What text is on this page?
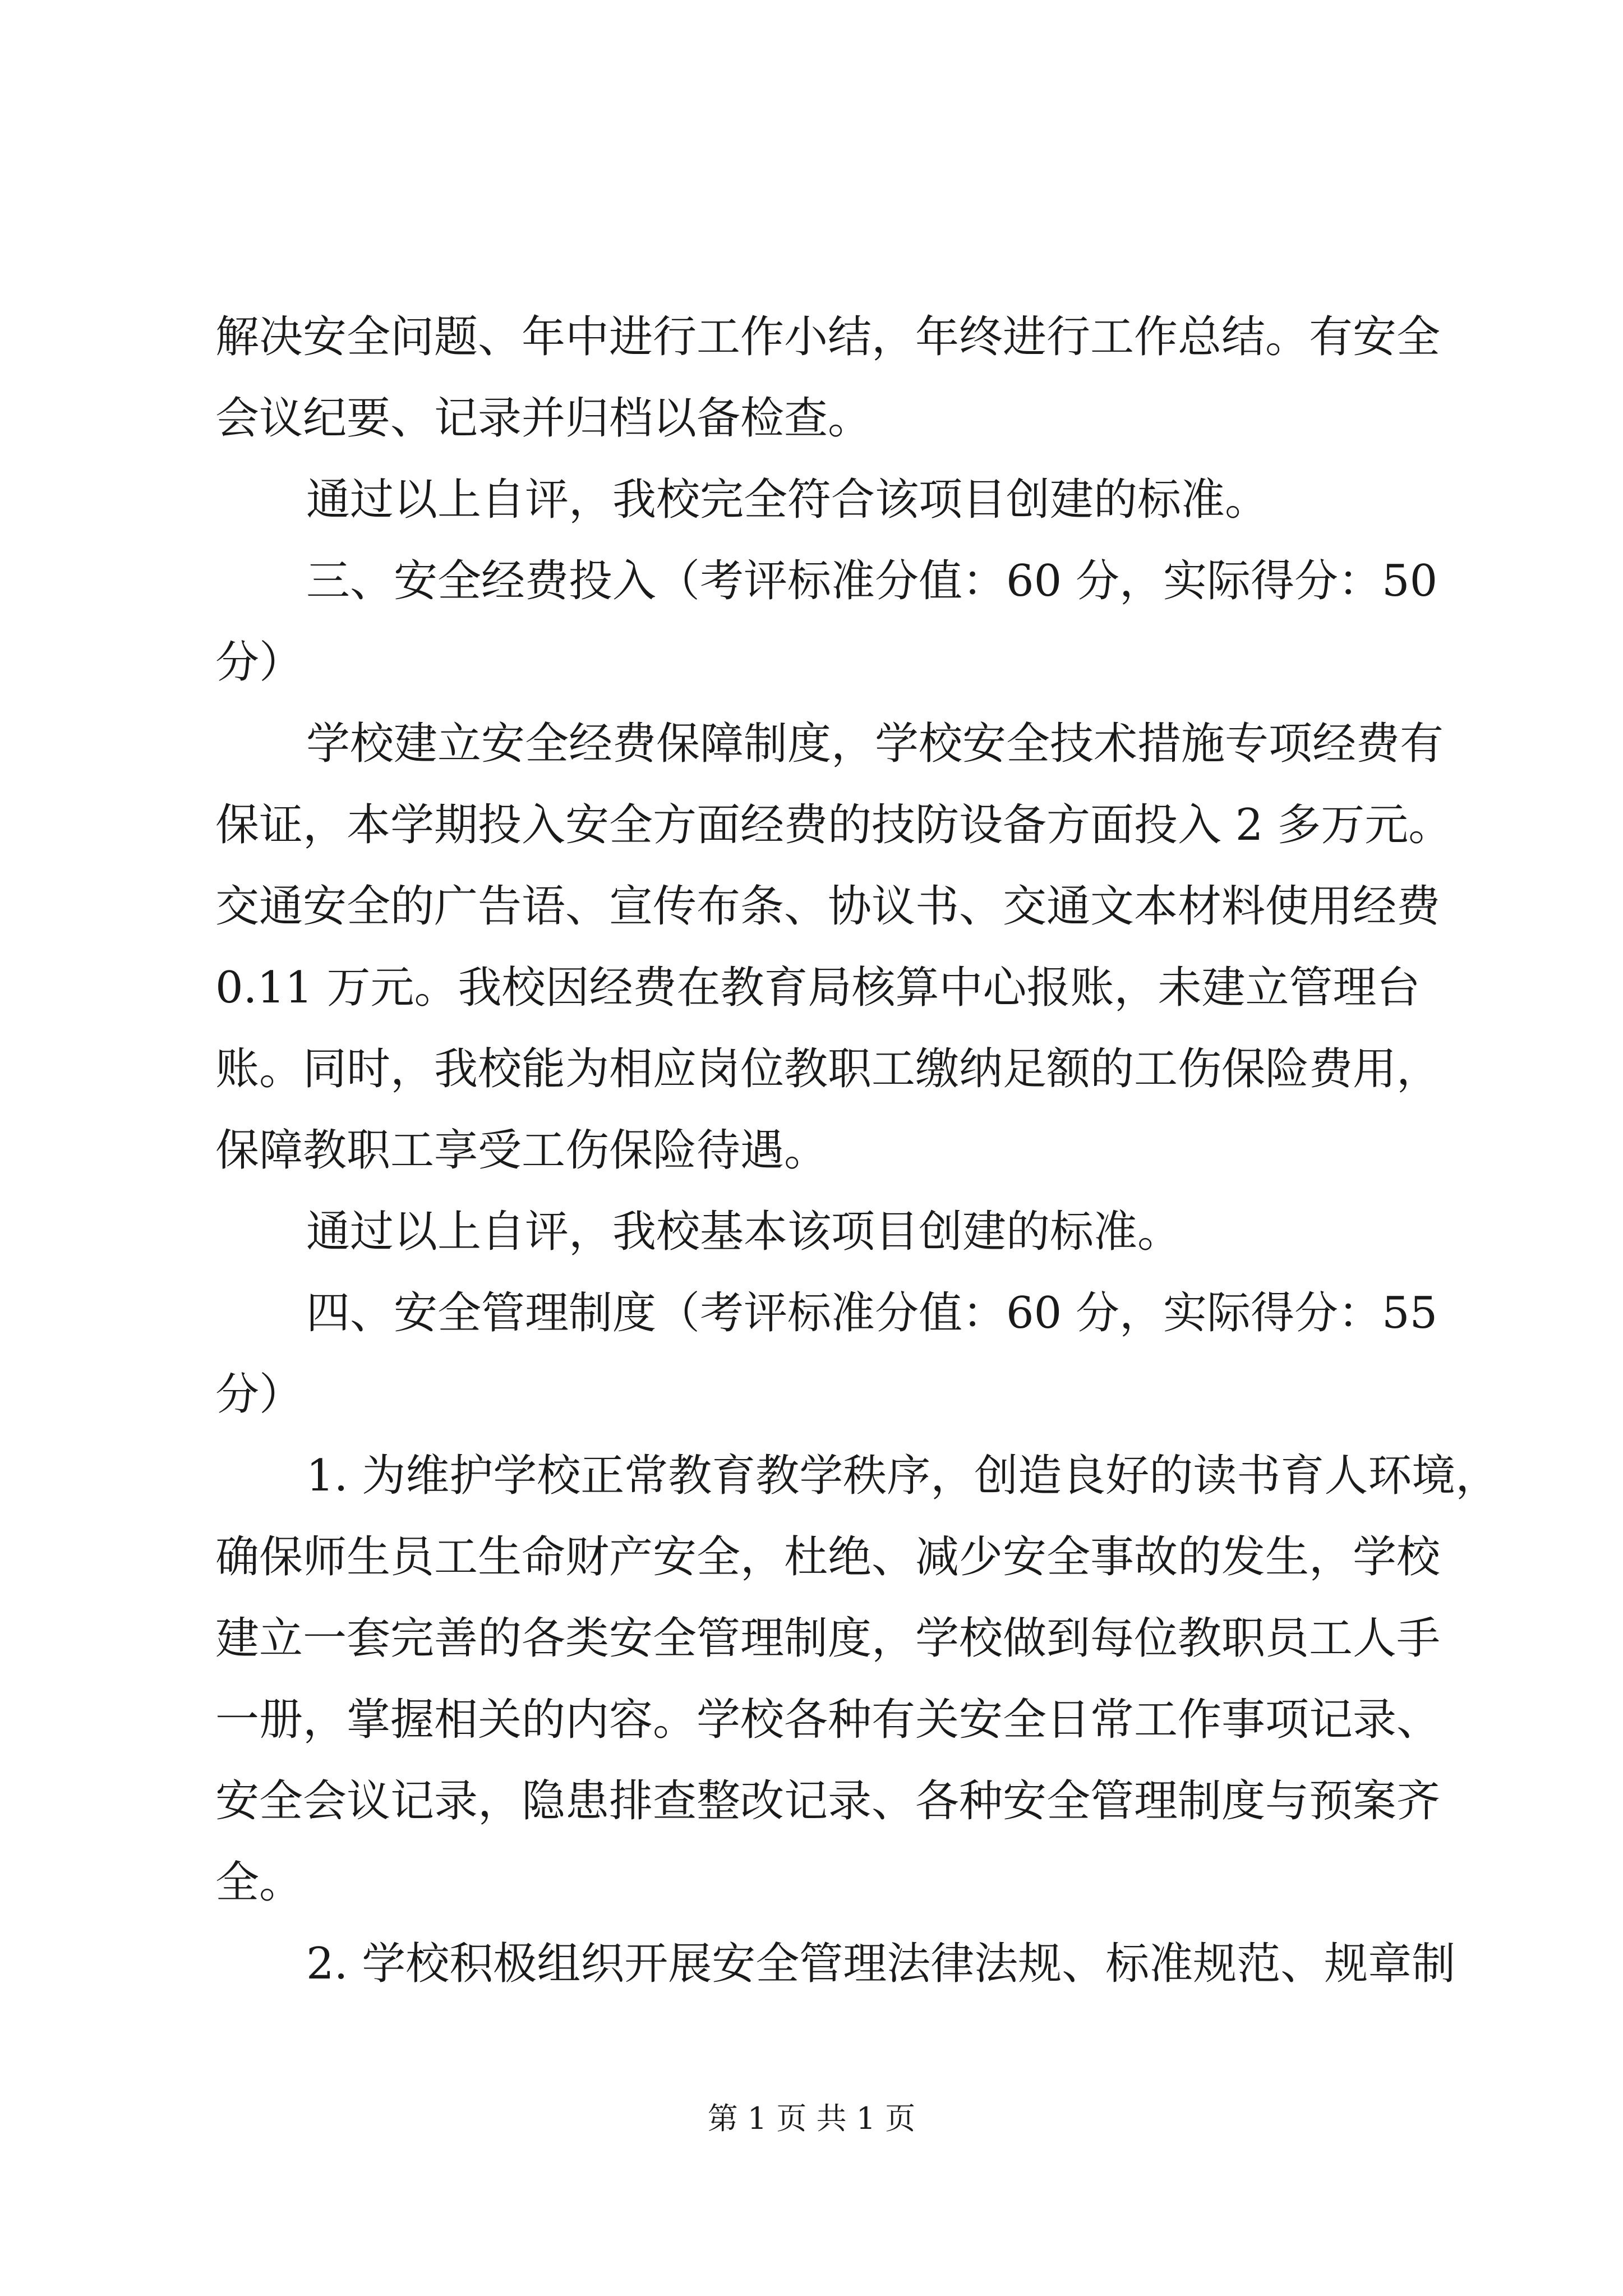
解决安全问题、年中进行工作小结，年终进行工作总结。有安全
会议纪要、记录并归档以备检查。
通过以上自评，我校完全符合该项目创建的标准。
三、安全经费投入（考评标准分值：60 分，实际得分：50
分）
学校建立安全经费保障制度，学校安全技术措施专项经费有
保证，本学期投入安全方面经费的技防设备方面投入 2 多万元。
交通安全的广告语、宣传布条、协议书、交通文本材料使用经费
0.11 万元。我校因经费在教育局核算中心报账，未建立管理台
账。同时，我校能为相应岗位教职工缴纳足额的工伤保险费用，
保障教职工享受工伤保险待遇。
通过以上自评，我校基本该项目创建的标准。
四、安全管理制度（考评标准分值：60 分，实际得分：55
分）
1. 为维护学校正常教育教学秩序，创造良好的读书育人环境，
确保师生员工生命财产安全，杜绝、减少安全事故的发生，学校
建立一套完善的各类安全管理制度，学校做到每位教职员工人手
一册，掌握相关的内容。学校各种有关安全日常工作事项记录、
安全会议记录，隐患排查整改记录、各种安全管理制度与预案齐
全。
2. 学校积极组织开展安全管理法律法规、标准规范、规章制
第 1 页 共 1 页
